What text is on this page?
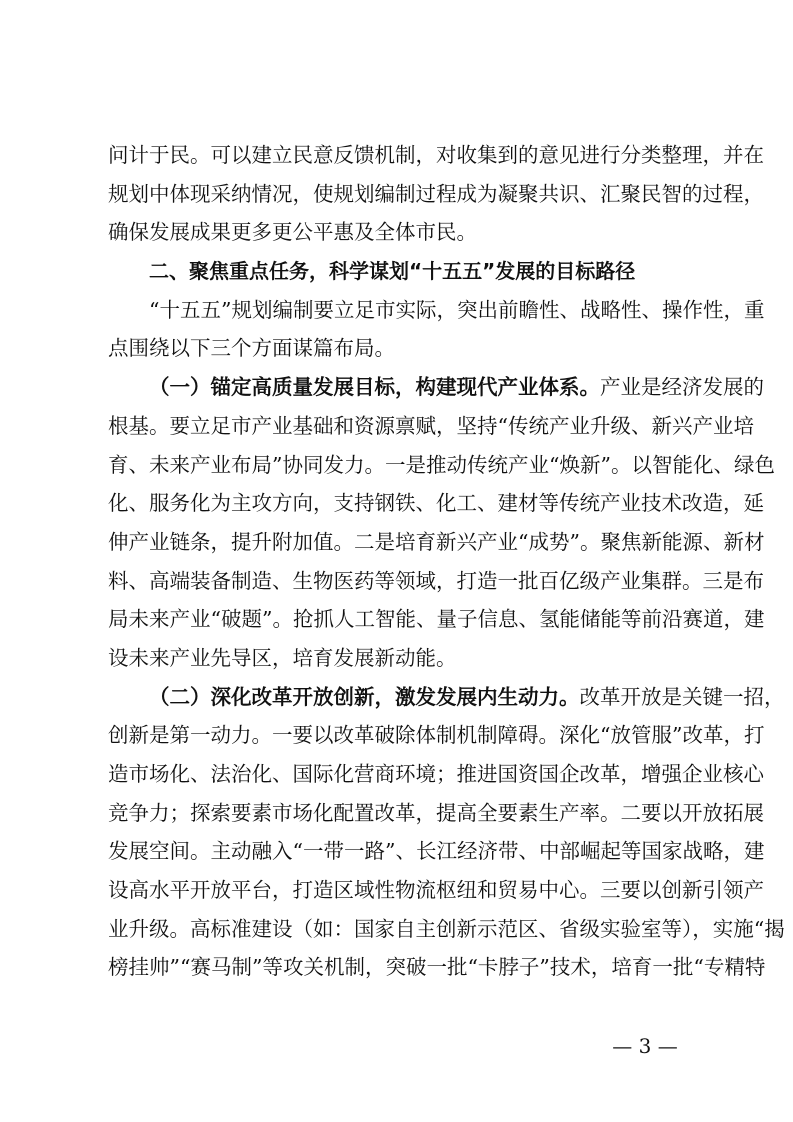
问计于民。可以建立民意反馈机制，对收集到的意见进行分类整理，并在
规划中体现采纳情况，使规划编制过程成为凝聚共识、汇聚民智的过程，
确保发展成果更多更公平惠及全体市民。
二、聚焦重点任务，科学谋划“十五五”发展的目标路径
“十五五”规划编制要立足市实际，突出前瞻性、战略性、操作性，重
点围绕以下三个方面谋篇布局。
（一）锚定高质量发展目标，构建现代产业体系。产业是经济发展的
根基。要立足市产业基础和资源禀赋，坚持“传统产业升级、新兴产业培
育、未来产业布局”协同发力。一是推动传统产业“焕新”。以智能化、绿色
化、服务化为主攻方向，支持钢铁、化工、建材等传统产业技术改造，延
伸产业链条，提升附加值。二是培育新兴产业“成势”。聚焦新能源、新材
料、高端装备制造、生物医药等领域，打造一批百亿级产业集群。三是布
局未来产业“破题”。抢抓人工智能、量子信息、氢能储能等前沿赛道，建
设未来产业先导区，培育发展新动能。
（二）深化改革开放创新，激发发展内生动力。改革开放是关键一招，
创新是第一动力。一要以改革破除体制机制障碍。深化“放管服”改革，打
造市场化、法治化、国际化营商环境；推进国资国企改革，增强企业核心
竞争力；探索要素市场化配置改革，提高全要素生产率。二要以开放拓展
发展空间。主动融入“一带一路”、长江经济带、中部崛起等国家战略，建
设高水平开放平台，打造区域性物流枢纽和贸易中心。三要以创新引领产
业升级。高标准建设（如：国家自主创新示范区、省级实验室等），实施“揭
榜挂帅”“赛马制”等攻关机制，突破一批“卡脖子”技术，培育一批“专精特
— 3 —
